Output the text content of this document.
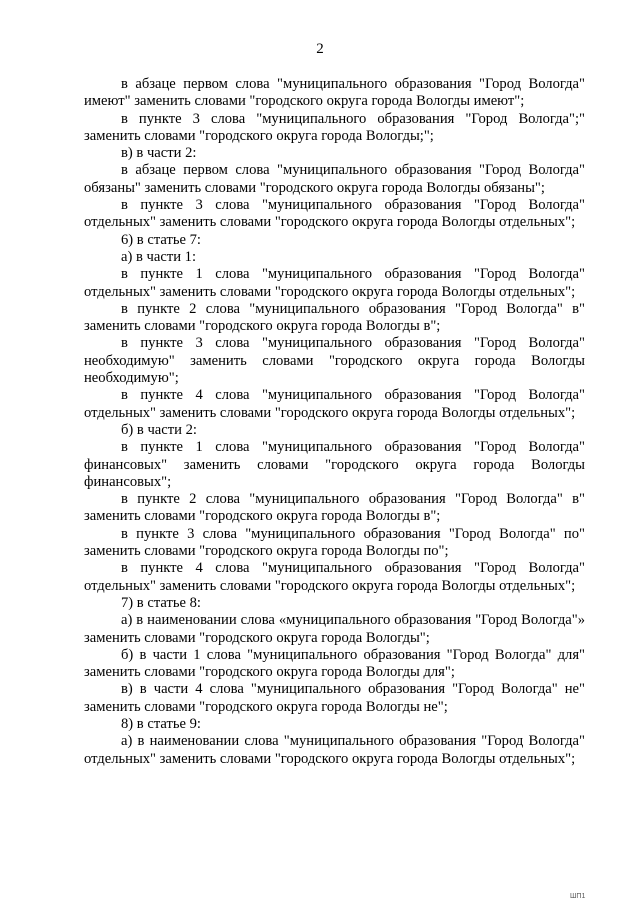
2

в абзаце первом слова "муниципального образования "Город Вологда" имеют" заменить словами "городского округа города Вологды имеют";

в пункте 3 слова "муниципального образования "Город Вологда";" заменить словами "городского округа города Вологды;";

в) в части 2:

в абзаце первом слова "муниципального образования "Город Вологда" обязаны" заменить словами "городского округа города Вологды обязаны";

в пункте 3 слова "муниципального образования "Город Вологда" отдельных" заменить словами "городского округа города Вологды отдельных";

6) в статье 7:

а) в части 1:

в пункте 1 слова "муниципального образования "Город Вологда" отдельных" заменить словами "городского округа города Вологды отдельных";

в пункте 2 слова "муниципального образования "Город Вологда" в" заменить словами "городского округа города Вологды в";

в пункте 3 слова "муниципального образования "Город Вологда" необходимую" заменить словами "городского округа города Вологды необходимую";

в пункте 4 слова "муниципального образования "Город Вологда" отдельных" заменить словами "городского округа города Вологды отдельных";

б) в части 2:

в пункте 1 слова "муниципального образования "Город Вологда" финансовых" заменить словами "городского округа города Вологды финансовых";

в пункте 2 слова "муниципального образования "Город Вологда" в" заменить словами "городского округа города Вологды в";

в пункте 3 слова "муниципального образования "Город Вологда" по" заменить словами "городского округа города Вологды по";

в пункте 4 слова "муниципального образования "Город Вологда" отдельных" заменить словами "городского округа города Вологды отдельных";

7) в статье 8:

а) в наименовании слова «муниципального образования "Город Вологда"» заменить словами "городского округа города Вологды";

б) в части 1 слова "муниципального образования "Город Вологда" для" заменить словами "городского округа города Вологды для";

в) в части 4 слова "муниципального образования "Город Вологда" не" заменить словами "городского округа города Вологды не";

8) в статье 9:

а) в наименовании слова "муниципального образования "Город Вологда" отдельных" заменить словами "городского округа города Вологды отдельных";

ШП1
